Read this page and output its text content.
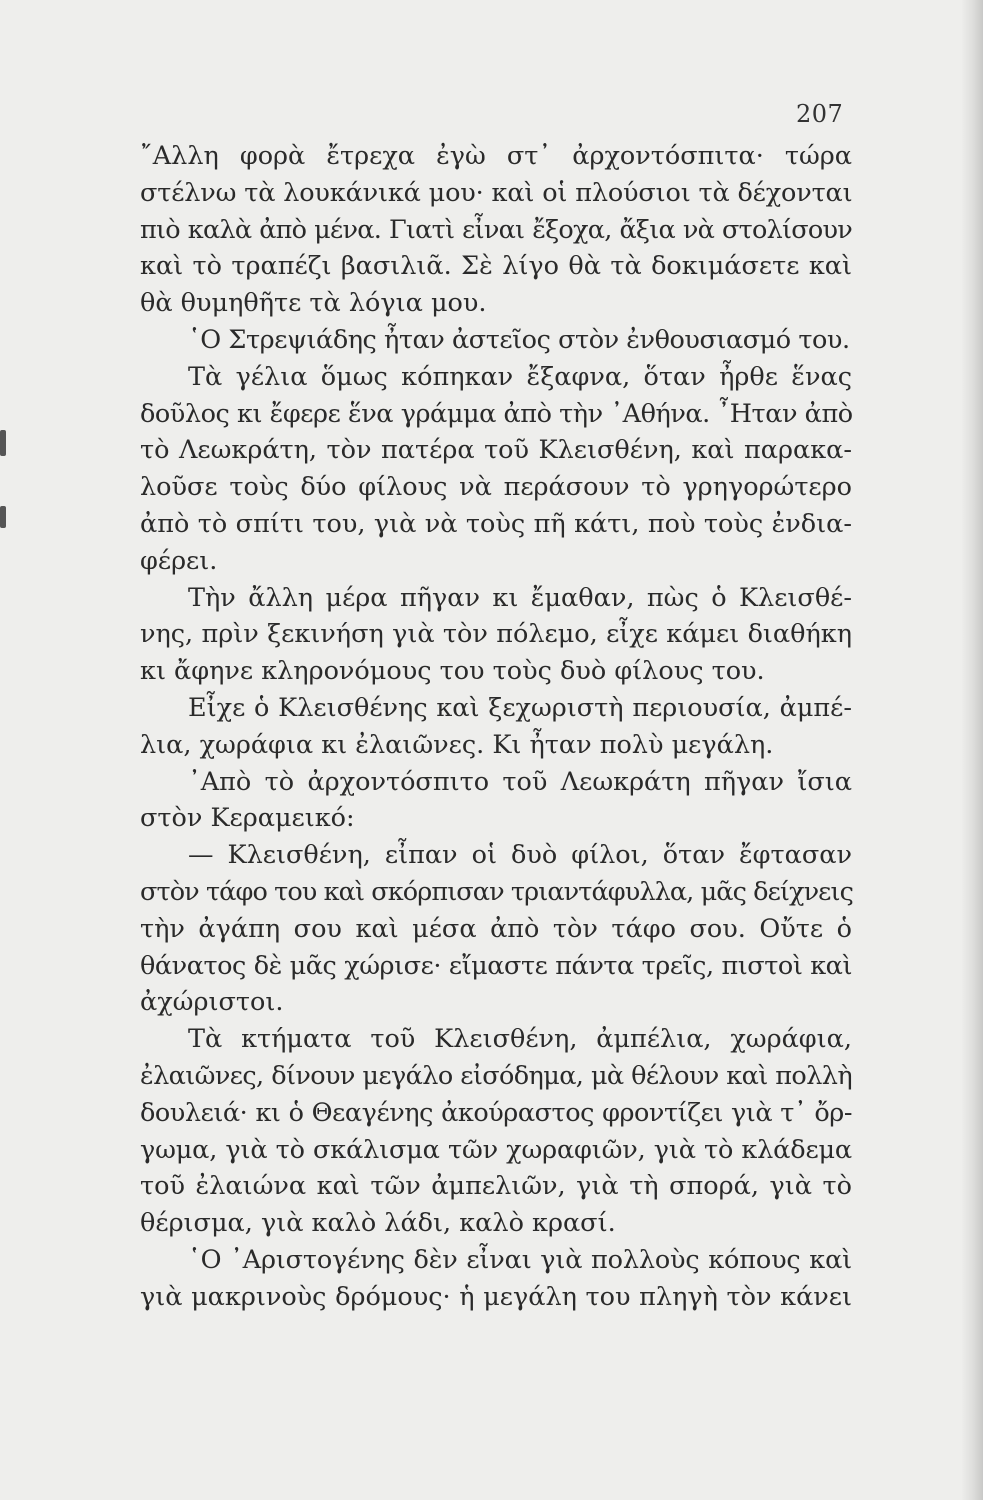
207
῎Αλλη φορὰ ἔτρεχα ἐγὼ στ᾿ ἀρχοντόσπιτα· τώρα
στέλνω τὰ λουκάνικά μου· καὶ οἱ πλούσιοι τὰ δέχονται
πιὸ καλὰ ἀπὸ μένα. Γιατὶ εἶναι ἔξοχα, ἄξια νὰ στολίσουν
καὶ τὸ τραπέζι βασιλιᾶ. Σὲ λίγο θὰ τὰ δοκιμάσετε καὶ
θὰ θυμηθῆτε τὰ λόγια μου.
῾Ο Στρεψιάδης ἦταν ἀστεῖος στὸν ἐνθουσιασμό του.
Τὰ γέλια ὅμως κόπηκαν ἔξαφνα, ὅταν ἦρθε ἕνας
δοῦλος κι ἔφερε ἕνα γράμμα ἀπὸ τὴν ᾿Αθήνα. ῏Ηταν ἀπὸ
τὸ Λεωκράτη, τὸν πατέρα τοῦ Κλεισθένη, καὶ παρακα-
λοῦσε τοὺς δύο φίλους νὰ περάσουν τὸ γρηγορώτερο
ἀπὸ τὸ σπίτι του, γιὰ νὰ τοὺς πῆ κάτι, ποὺ τοὺς ἐνδια-
φέρει.
Τὴν ἄλλη μέρα πῆγαν κι ἔμαθαν, πὼς ὁ Κλεισθέ-
νης, πρὶν ξεκινήση γιὰ τὸν πόλεμο, εἶχε κάμει διαθήκη
κι ἄφηνε κληρονόμους του τοὺς δυὸ φίλους του.
Εἶχε ὁ Κλεισθένης καὶ ξεχωριστὴ περιουσία, ἀμπέ-
λια, χωράφια κι ἐλαιῶνες. Κι ἦταν πολὺ μεγάλη.
᾿Απὸ τὸ ἀρχοντόσπιτο τοῦ Λεωκράτη πῆγαν ἴσια
στὸν Κεραμεικό:
— Κλεισθένη, εἶπαν οἱ δυὸ φίλοι, ὅταν ἔφτασαν
στὸν τάφο του καὶ σκόρπισαν τριαντάφυλλα, μᾶς δείχνεις
τὴν ἀγάπη σου καὶ μέσα ἀπὸ τὸν τάφο σου. Οὔτε ὁ
θάνατος δὲ μᾶς χώρισε· εἴμαστε πάντα τρεῖς, πιστοὶ καὶ
ἀχώριστοι.
Τὰ κτήματα τοῦ Κλεισθένη, ἀμπέλια, χωράφια,
ἐλαιῶνες, δίνουν μεγάλο εἰσόδημα, μὰ θέλουν καὶ πολλὴ
δουλειά· κι ὁ Θεαγένης ἀκούραστος φροντίζει γιὰ τ᾿ ὄρ-
γωμα, γιὰ τὸ σκάλισμα τῶν χωραφιῶν, γιὰ τὸ κλάδεμα
τοῦ ἐλαιώνα καὶ τῶν ἀμπελιῶν, γιὰ τὴ σπορά, γιὰ τὸ
θέρισμα, γιὰ καλὸ λάδι, καλὸ κρασί.
῾Ο ᾿Αριστογένης δὲν εἶναι γιὰ πολλοὺς κόπους καὶ
γιὰ μακρινοὺς δρόμους· ἡ μεγάλη του πληγὴ τὸν κάνει
